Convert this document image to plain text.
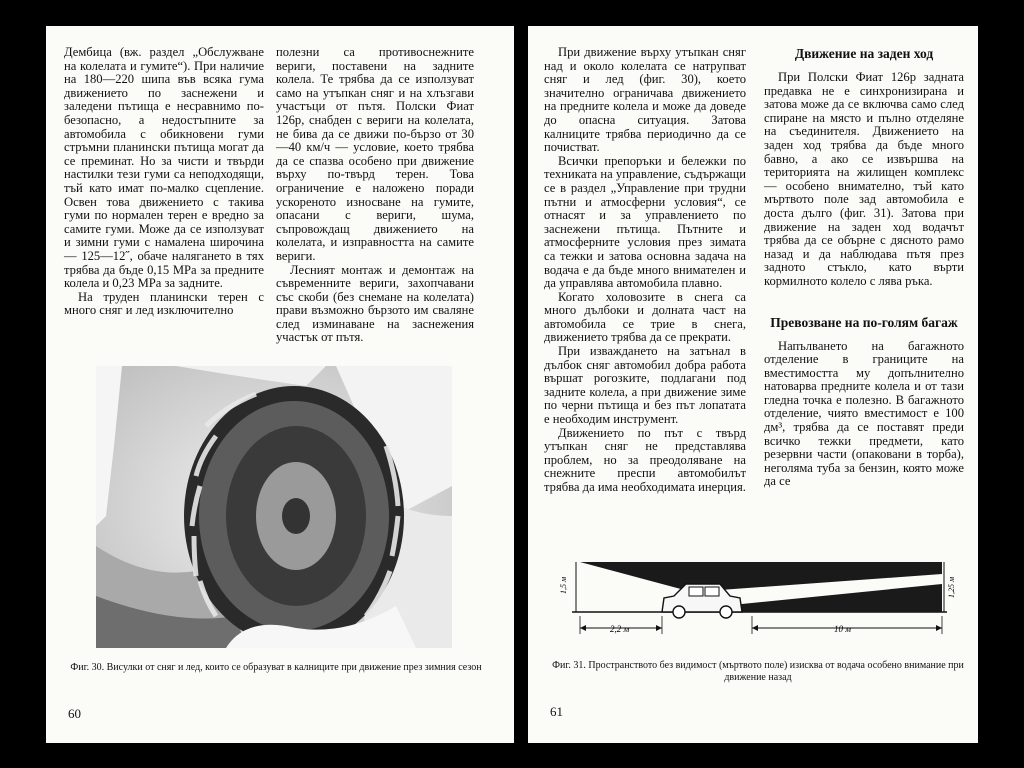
Дембица (вж. раздел „Обслужване на колелата и гумите“). При наличие на 180—220 шипа във всяка гума движението по заснежени и заледени пътища е несравнимо по-безопасно, а недостъпните за автомобила с обикновени гуми стръмни планински пътища могат да се преминат. Но за чисти и твърди настилки тези гуми са неподходящи, тъй като имат по-малко сцепление. Освен това движението с такива гуми по нормален терен е вредно за самите гуми. Може да се използуват и зимни гуми с намалена широчина — 125—12˝, обаче налягането в тях трябва да бъде 0,15 MPa за предните колела и 0,23 MPa за задните.

На труден планински терен с много сняг и лед изключително

полезни са противоснежните вериги, поставени на задните колела. Те трябва да се използуват само на утъпкан сняг и на хлъзгави участъци от пътя. Полски Фиат 126р, снабден с вериги на колелата, не бива да се движи по-бързо от 30—40 км/ч — условие, което трябва да се спазва особено при движение върху по-твърд терен. Това ограничение е наложено поради ускореното износване на гумите, опасани с вериги, шума, съпровождащ движението на колелата, и изправността на самите вериги.

Лесният монтаж и демонтаж на съвременните вериги, захопчавани със скоби (без снемане на колелата) прави възможно бързото им сваляне след изминаване на заснежения участък от пътя.

Фиг. 30. Висулки от сняг и лед, които се образуват в калниците при движение през зимния сезон
60

При движение върху утъпкан сняг над и около колелата се натрупват сняг и лед (фиг. 30), което значително ограничава движението на предните колела и може да доведе до опасна ситуация. Затова калниците трябва периодично да се почистват.

Всички препоръки и бележки по техниката на управление, съдържащи се в раздел „Управление при трудни пътни и атмосферни условия“, се отнасят и за управлението по заснежени пътища. Пътните и атмосферните условия през зимата са тежки и затова основна задача на водача е да бъде много внимателен и да управлява автомобила плавно.

Когато холовозите в снега са много дълбоки и долната част на автомобила се трие в снега, движението трябва да се прекрати.

При изваждането на затънал в дълбок сняг автомобил добра работа вършат рогозките, подлагани под задните колела, а при движение зиме по черни пътища и без път лопатата е необходим инструмент.

Движението по път с твърд утъпкан сняг не представлява проблем, но за преодоляване на снежните преспи автомобилът трябва да има необходимата инерция.

Движение на заден ход

При Полски Фиат 126р задната предавка не е синхронизирана и затова може да се включва само след спиране на място и пълно отделяне на съединителя. Движението на заден ход трябва да бъде много бавно, а ако се извършва на територията на жилищен комплекс — особено внимателно, тъй като мъртвото поле зад автомобила е доста дълго (фиг. 31). Затова при движение на заден ход водачът трябва да се обърне с дясното рамо назад и да наблюдава пътя през задното стъкло, като върти кормилното колело с лява ръка.

Превозване на по-голям багаж

Напълването на багажното отделение в границите на вместимостта му допълнително натоварва предните колела и от тази гледна точка е полезно. В багажното отделение, чиято вместимост е 100 дм³, трябва да се поставят преди всичко тежки предмети, като резервни части (опаковани в торба), неголяма туба за бензин, която може да се

1,5 м	1,25 м
2,2 м	10 м
Фиг. 31. Пространството без видимост (мъртвото поле) изисква от водача особено внимание при движение назад
61
